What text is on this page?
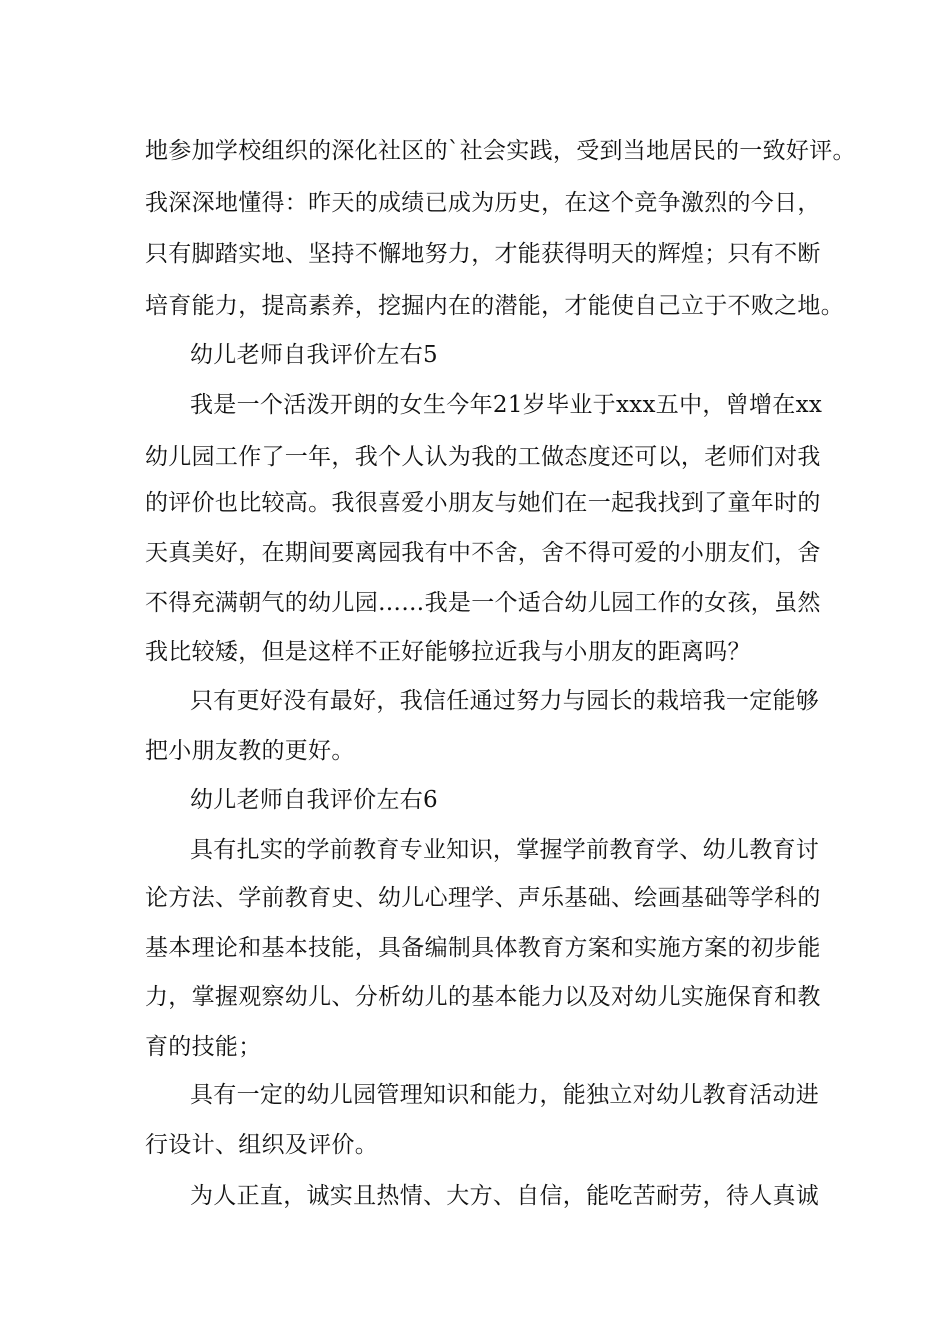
地参加学校组织的深化社区的`社会实践，受到当地居民的一致好评。
我深深地懂得：昨天的成绩已成为历史，在这个竞争激烈的今日，
只有脚踏实地、坚持不懈地努力，才能获得明天的辉煌；只有不断
培育能力，提高素养，挖掘内在的潜能，才能使自己立于不败之地。
幼儿老师自我评价左右5
我是一个活泼开朗的女生今年21岁毕业于xxx五中，曾增在xx
幼儿园工作了一年，我个人认为我的工做态度还可以，老师们对我
的评价也比较高。我很喜爱小朋友与她们在一起我找到了童年时的
天真美好，在期间要离园我有中不舍，舍不得可爱的小朋友们，舍
不得充满朝气的幼儿园……我是一个适合幼儿园工作的女孩，虽然
我比较矮，但是这样不正好能够拉近我与小朋友的距离吗？
只有更好没有最好，我信任通过努力与园长的栽培我一定能够
把小朋友教的更好。
幼儿老师自我评价左右6
具有扎实的学前教育专业知识，掌握学前教育学、幼儿教育讨
论方法、学前教育史、幼儿心理学、声乐基础、绘画基础等学科的
基本理论和基本技能，具备编制具体教育方案和实施方案的初步能
力，掌握观察幼儿、分析幼儿的基本能力以及对幼儿实施保育和教
育的技能；
具有一定的幼儿园管理知识和能力，能独立对幼儿教育活动进
行设计、组织及评价。
为人正直，诚实且热情、大方、自信，能吃苦耐劳，待人真诚
